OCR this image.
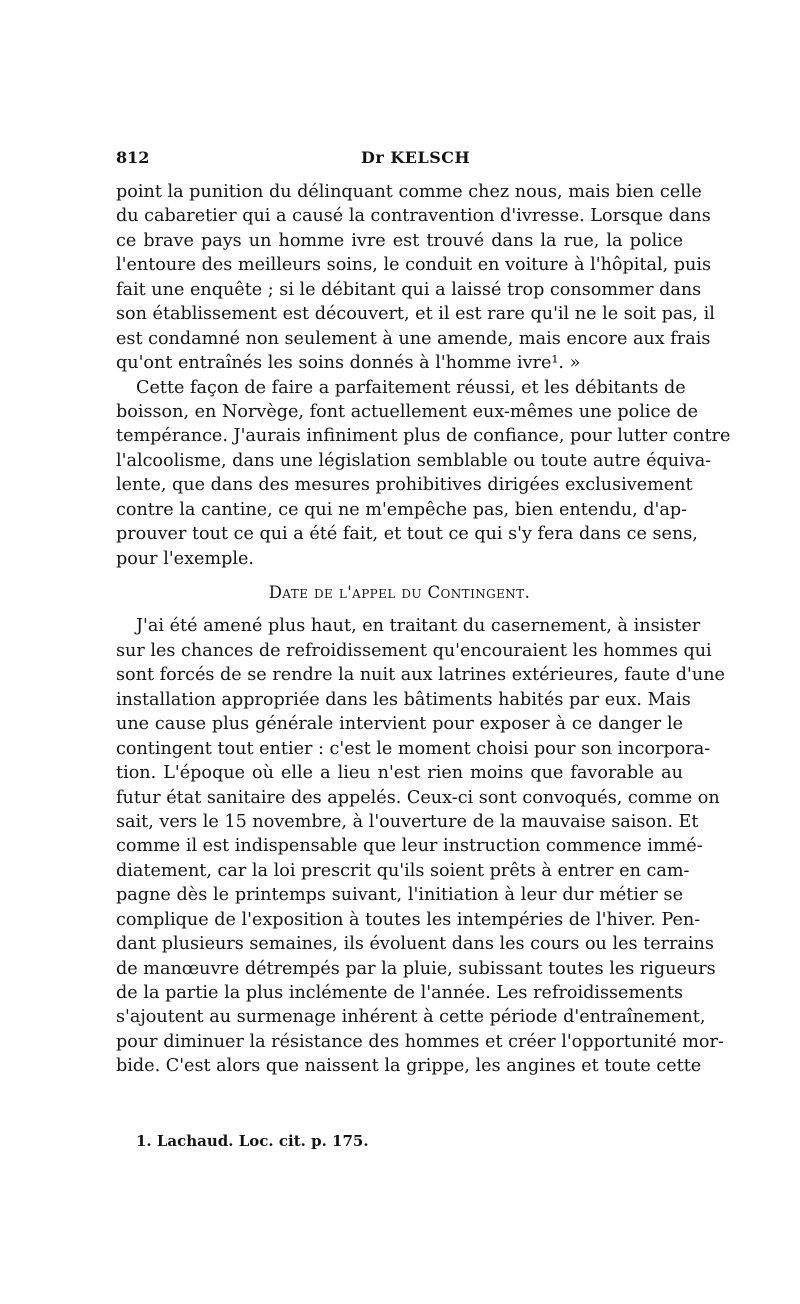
812	Dr KELSCH
point la punition du délinquant comme chez nous, mais bien celle
du cabaretier qui a causé la contravention d'ivresse. Lorsque dans
ce brave pays un homme ivre est trouvé dans la rue, la police
l'entoure des meilleurs soins, le conduit en voiture à l'hôpital, puis
fait une enquête ; si le débitant qui a laissé trop consommer dans
son établissement est découvert, et il est rare qu'il ne le soit pas, il
est condamné non seulement à une amende, mais encore aux frais
qu'ont entraînés les soins donnés à l'homme ivre¹. »
Cette façon de faire a parfaitement réussi, et les débitants de
boisson, en Norvège, font actuellement eux-mêmes une police de
tempérance. J'aurais infiniment plus de confiance, pour lutter contre
l'alcoolisme, dans une législation semblable ou toute autre équiva-
lente, que dans des mesures prohibitives dirigées exclusivement
contre la cantine, ce qui ne m'empêche pas, bien entendu, d'ap-
prouver tout ce qui a été fait, et tout ce qui s'y fera dans ce sens,
pour l'exemple.
Date de l'appel du Contingent.
J'ai été amené plus haut, en traitant du casernement, à insister
sur les chances de refroidissement qu'encouraient les hommes qui
sont forcés de se rendre la nuit aux latrines extérieures, faute d'une
installation appropriée dans les bâtiments habités par eux. Mais
une cause plus générale intervient pour exposer à ce danger le
contingent tout entier : c'est le moment choisi pour son incorpora-
tion. L'époque où elle a lieu n'est rien moins que favorable au
futur état sanitaire des appelés. Ceux-ci sont convoqués, comme on
sait, vers le 15 novembre, à l'ouverture de la mauvaise saison. Et
comme il est indispensable que leur instruction commence immé-
diatement, car la loi prescrit qu'ils soient prêts à entrer en cam-
pagne dès le printemps suivant, l'initiation à leur dur métier se
complique de l'exposition à toutes les intempéries de l'hiver. Pen-
dant plusieurs semaines, ils évoluent dans les cours ou les terrains
de manœuvre détrempés par la pluie, subissant toutes les rigueurs
de la partie la plus inclémente de l'année. Les refroidissements
s'ajoutent au surmenage inhérent à cette période d'entraînement,
pour diminuer la résistance des hommes et créer l'opportunité mor-
bide. C'est alors que naissent la grippe, les angines et toute cette
1. Lachaud. Loc. cit. p. 175.
